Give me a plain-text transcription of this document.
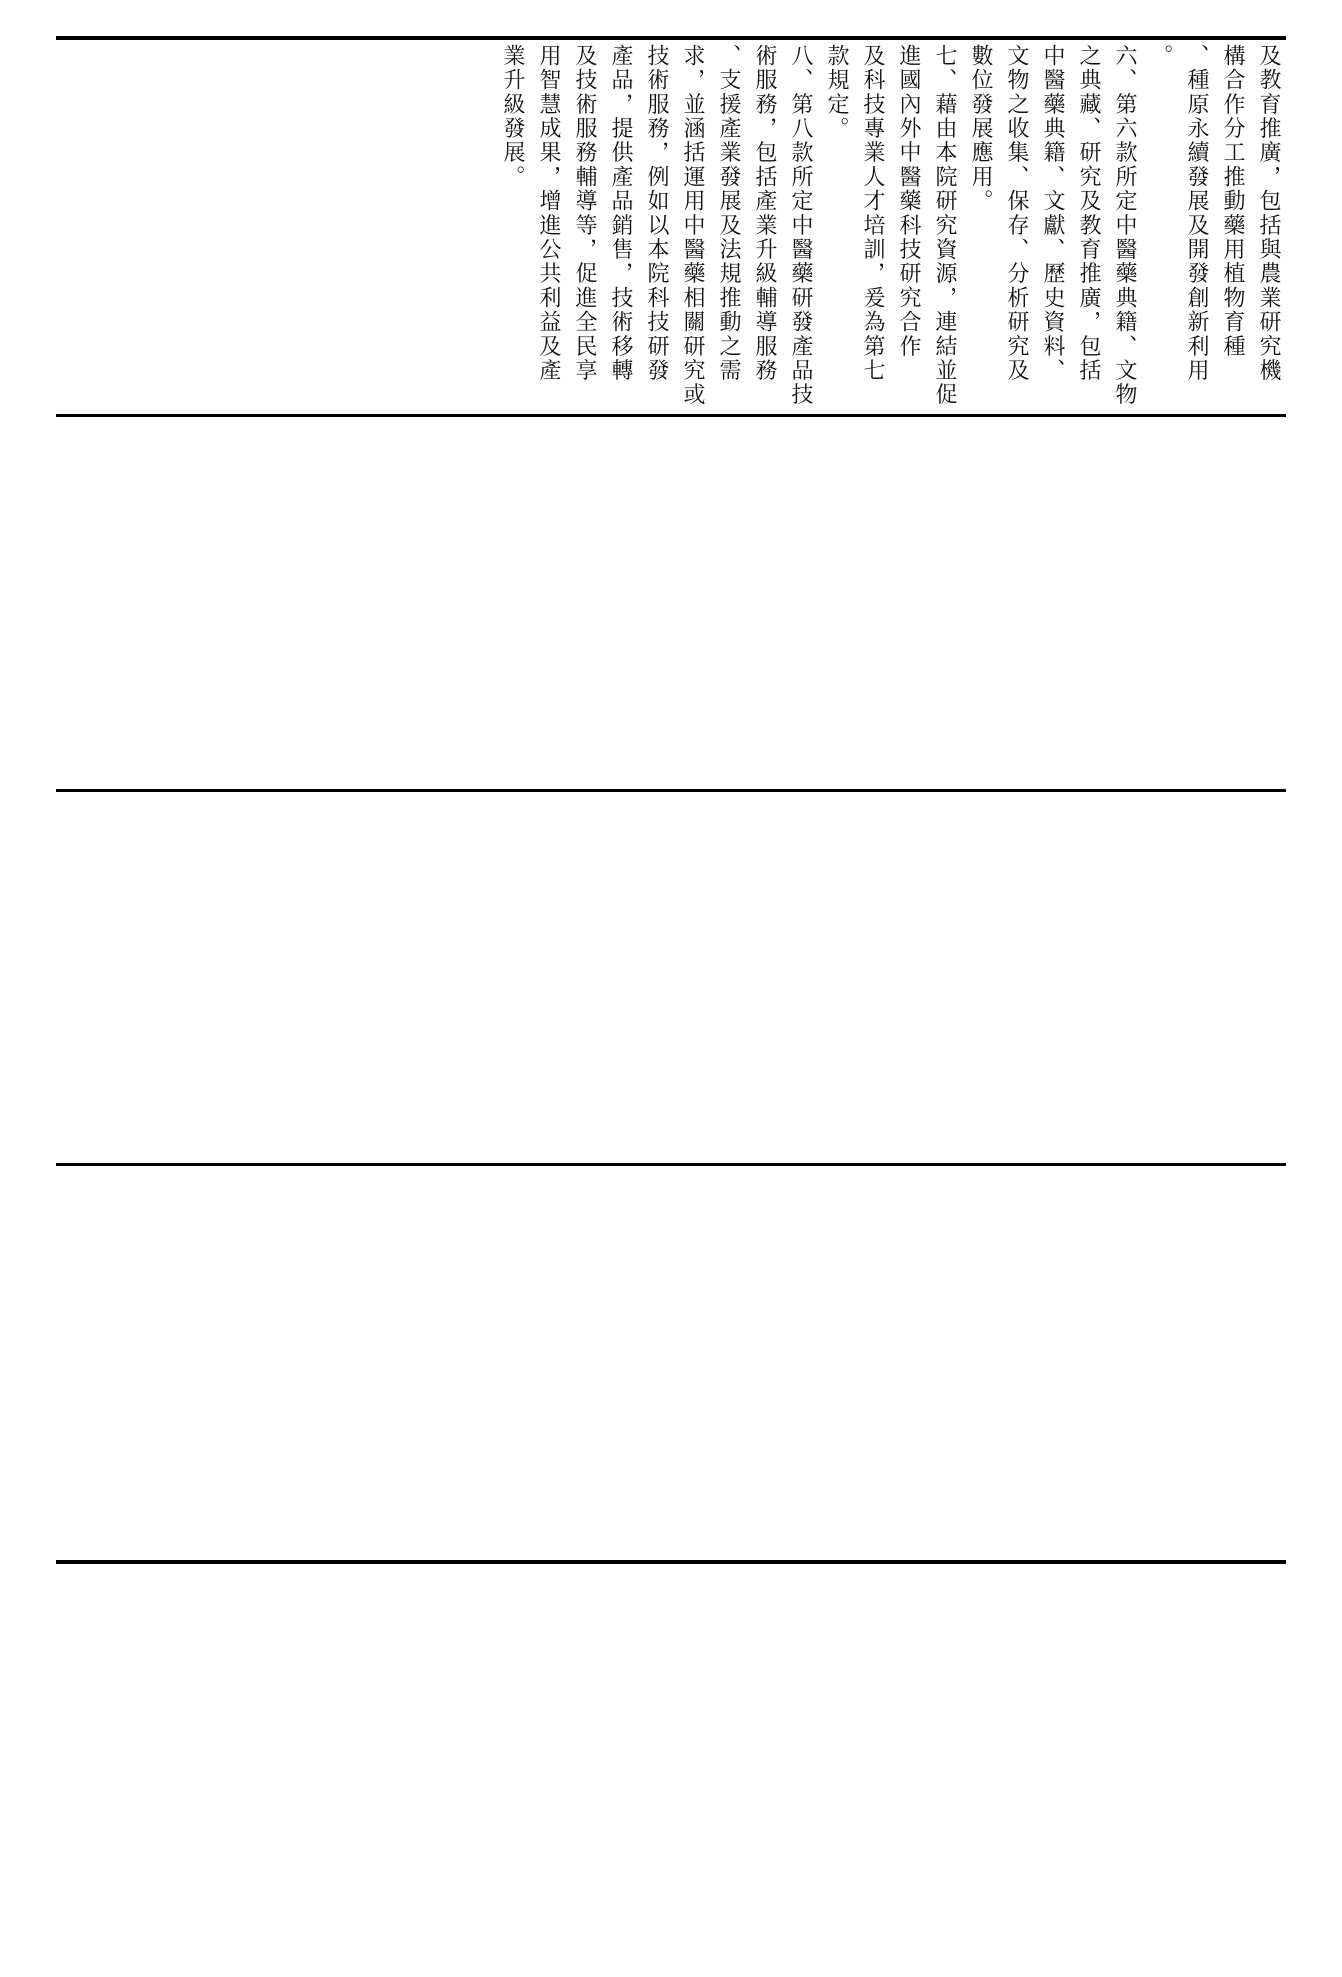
及教育推廣，包括與農業研究機
構合作分工推動藥用植物育種
、種原永續發展及開發創新利用
。
六、第六款所定中醫藥典籍、文物
之典藏、研究及教育推廣，包括
中醫藥典籍、文獻、歷史資料、
文物之收集、保存、分析研究及
數位發展應用。
七、藉由本院研究資源，連結並促
進國內外中醫藥科技研究合作
及科技專業人才培訓，爰為第七
款規定。
八、第八款所定中醫藥研發產品技
術服務，包括產業升級輔導服務
、支援產業發展及法規推動之需
求，並涵括運用中醫藥相關研究或
技術服務，例如以本院科技研發
產品，提供產品銷售，技術移轉
及技術服務輔導等，促進全民享
用智慧成果，增進公共利益及產
業升級發展。
